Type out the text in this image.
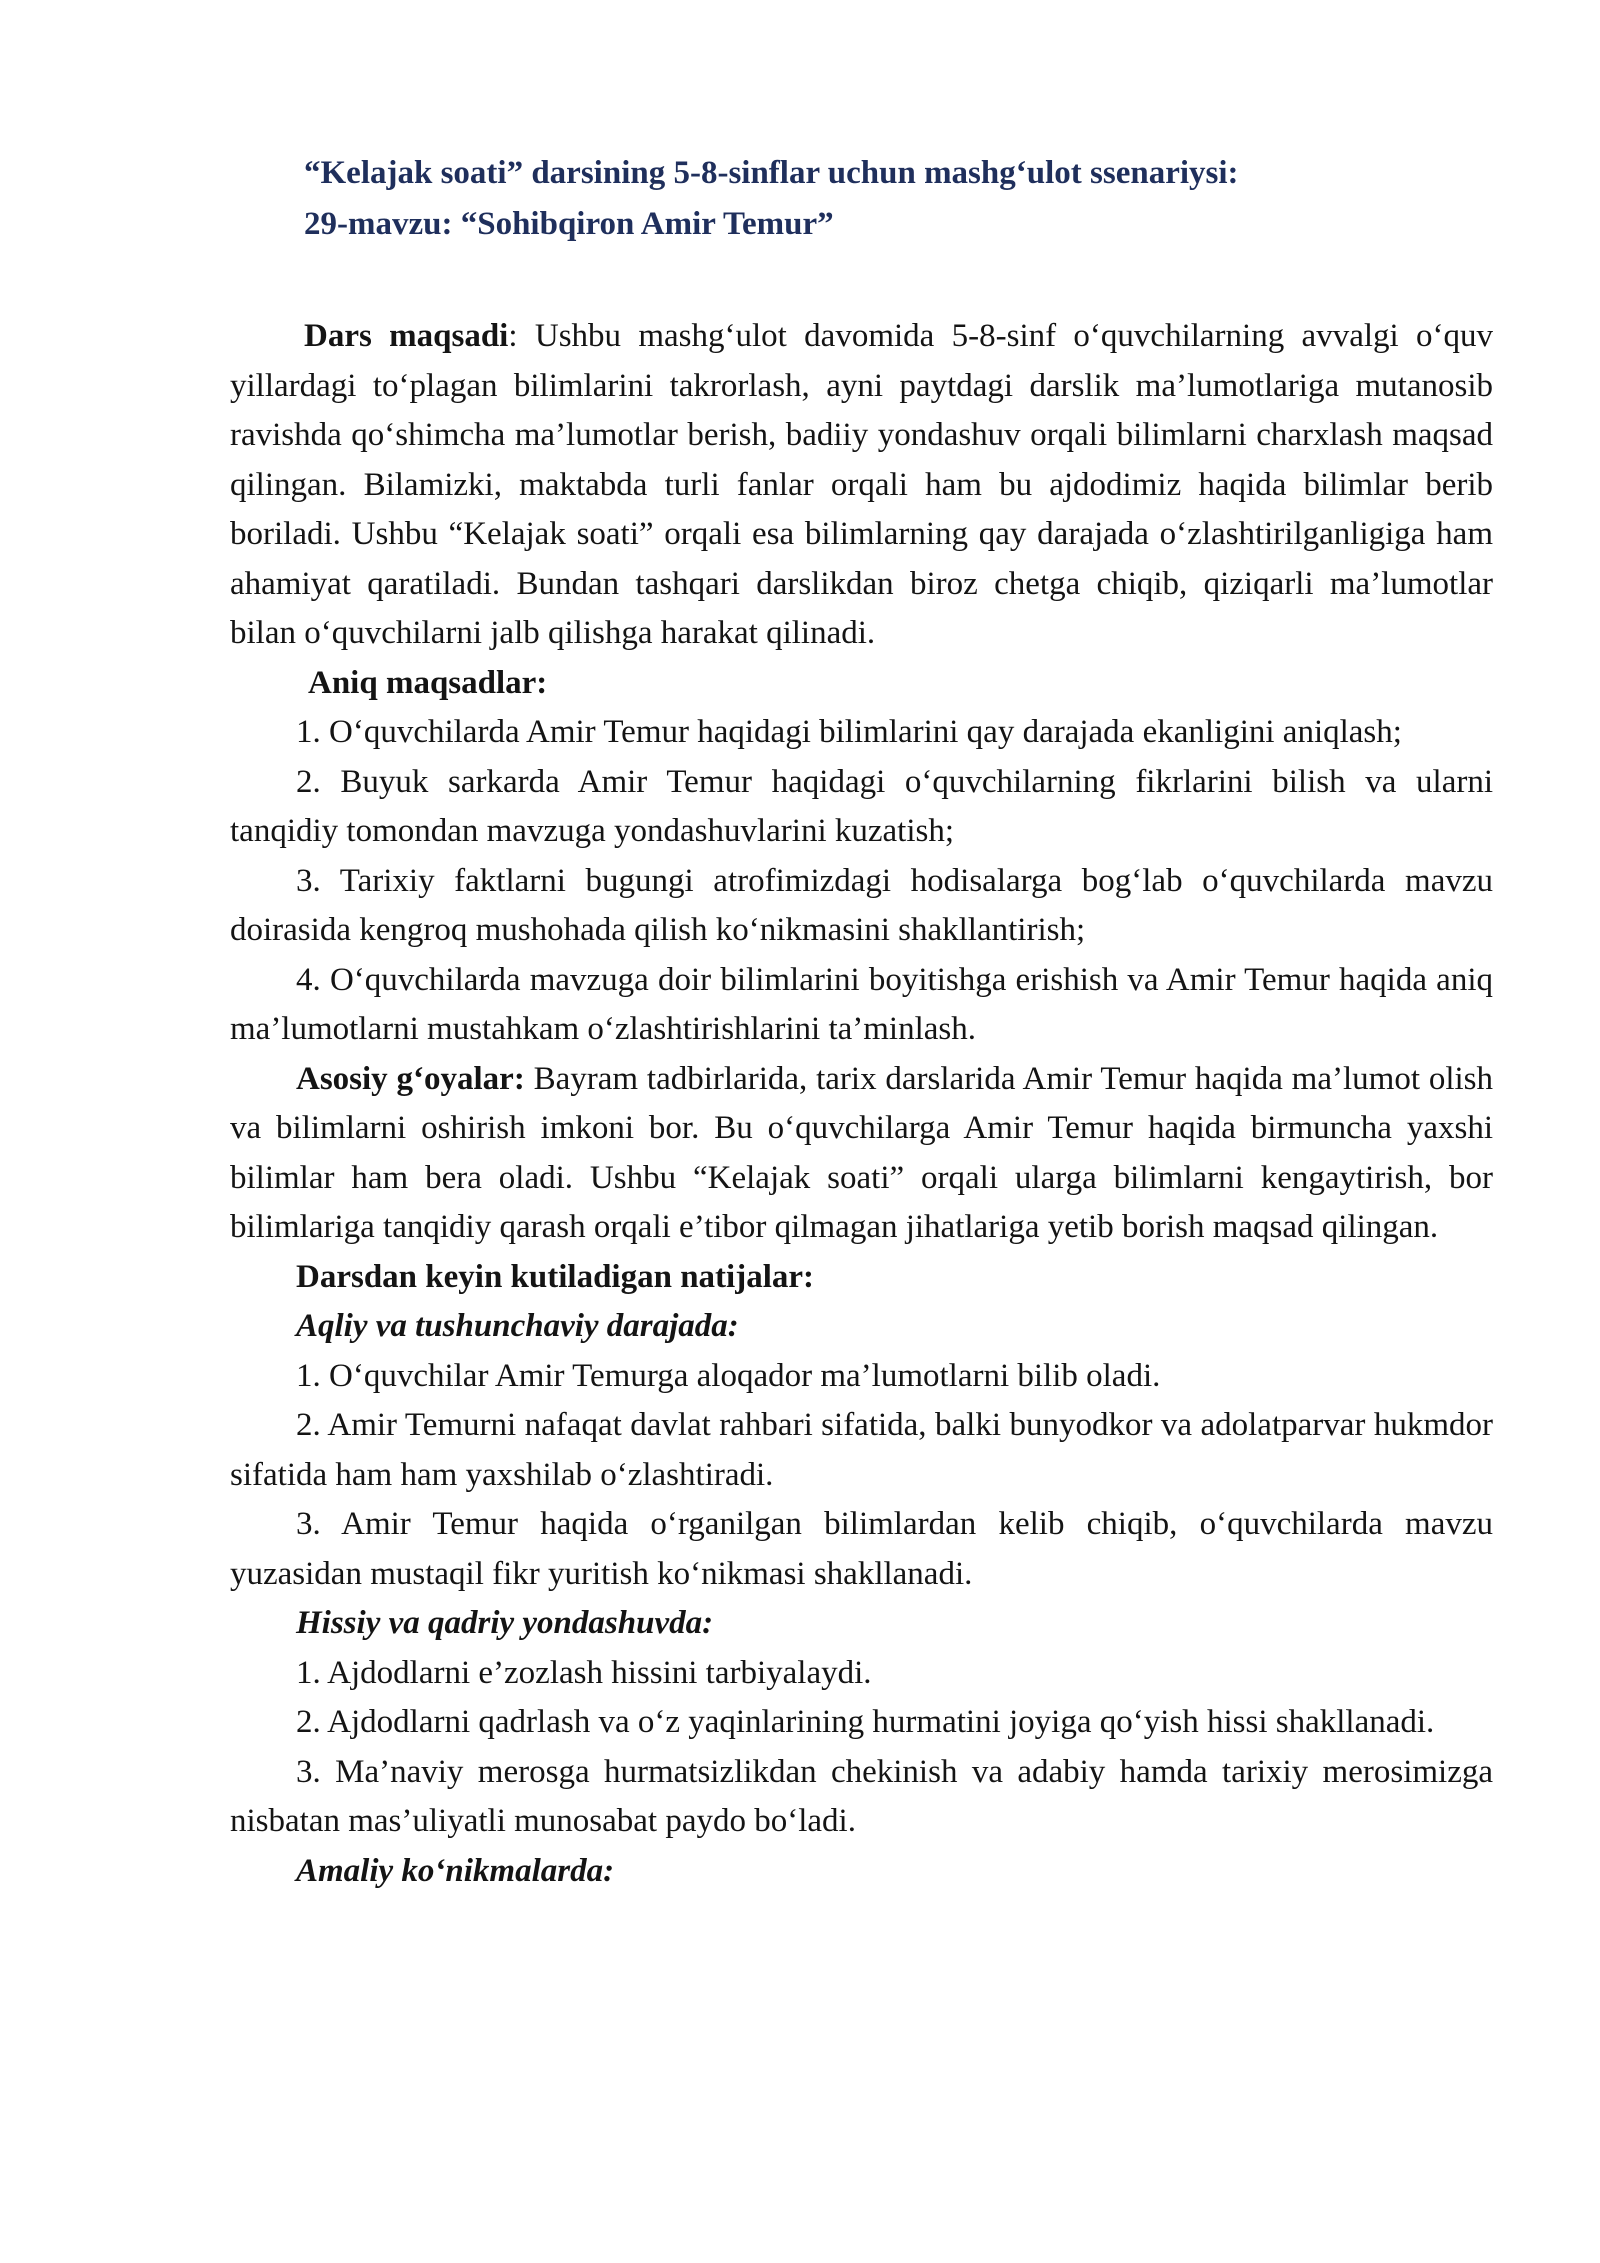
“Kelajak soati” darsining 5-8-sinflar uchun mashg‘ulot ssenariysi:
29-mavzu: “Sohibqiron Amir Temur”

Dars maqsadi: Ushbu mashg‘ulot davomida 5-8-sinf o‘quvchilarning avvalgi o‘quv yillardagi to‘plagan bilimlarini takrorlash, ayni paytdagi darslik ma’lumotlariga mutanosib ravishda qo‘shimcha ma’lumotlar berish, badiiy yondashuv orqali bilimlarni charxlash maqsad qilingan. Bilamizki, maktabda turli fanlar orqali ham bu ajdodimiz haqida bilimlar berib boriladi. Ushbu “Kelajak soati” orqali esa bilimlarning qay darajada o‘zlashtirilganligiga ham ahamiyat qaratiladi. Bundan tashqari darslikdan biroz chetga chiqib, qiziqarli ma’lumotlar bilan o‘quvchilarni jalb qilishga harakat qilinadi.

Aniq maqsadlar:

1. O‘quvchilarda Amir Temur haqidagi bilimlarini qay darajada ekanligini aniqlash;

2. Buyuk sarkarda Amir Temur haqidagi o‘quvchilarning fikrlarini bilish va ularni tanqidiy tomondan mavzuga yondashuvlarini kuzatish;

3. Tarixiy faktlarni bugungi atrofimizdagi hodisalarga bog‘lab o‘quvchilarda mavzu doirasida kengroq mushohada qilish ko‘nikmasini shakllantirish;

4. O‘quvchilarda mavzuga doir bilimlarini boyitishga erishish va Amir Temur haqida aniq ma’lumotlarni mustahkam o‘zlashtirishlarini ta’minlash.

Asosiy g‘oyalar: Bayram tadbirlarida, tarix darslarida Amir Temur haqida ma’lumot olish va bilimlarni oshirish imkoni bor. Bu o‘quvchilarga Amir Temur haqida birmuncha yaxshi bilimlar ham bera oladi. Ushbu “Kelajak soati” orqali ularga bilimlarni kengaytirish, bor bilimlariga tanqidiy qarash orqali e’tibor qilmagan jihatlariga yetib borish maqsad qilingan.

Darsdan keyin kutiladigan natijalar:

Aqliy va tushunchaviy darajada:

1. O‘quvchilar Amir Temurga aloqador ma’lumotlarni bilib oladi.

2. Amir Temurni nafaqat davlat rahbari sifatida, balki bunyodkor va adolatparvar hukmdor sifatida ham ham yaxshilab o‘zlashtiradi.

3. Amir Temur haqida o‘rganilgan bilimlardan kelib chiqib, o‘quvchilarda mavzu yuzasidan mustaqil fikr yuritish ko‘nikmasi shakllanadi.

Hissiy va qadriy yondashuvda:

1. Ajdodlarni e’zozlash hissini tarbiyalaydi.

2. Ajdodlarni qadrlash va o‘z yaqinlarining hurmatini joyiga qo‘yish hissi shakllanadi.

3. Ma’naviy merosga hurmatsizlikdan chekinish va adabiy hamda tarixiy merosimizga nisbatan mas’uliyatli munosabat paydo bo‘ladi.

Amaliy ko‘nikmalarda:
